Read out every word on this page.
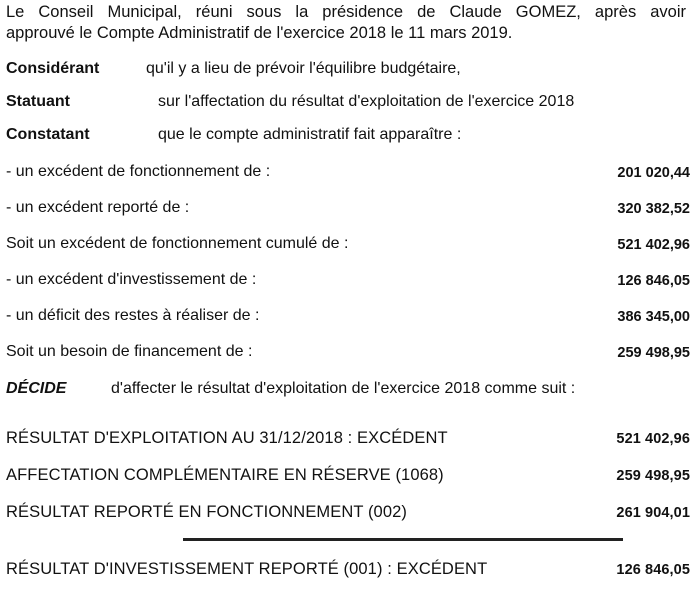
Le Conseil Municipal, réuni sous la présidence de Claude GOMEZ, après avoir
approuvé le Compte Administratif de l'exercice 2018 le 11 mars 2019.
Considérant	qu'il y a lieu de prévoir l'équilibre budgétaire,
Statuant	sur l'affectation du résultat d'exploitation de l'exercice 2018
Constatant	que le compte administratif fait apparaître :
- un excédent de fonctionnement de :	201 020,44
- un excédent reporté de :	320 382,52
Soit un excédent de fonctionnement cumulé de :	521 402,96
- un excédent d'investissement de :	126 846,05
- un déficit des restes à réaliser de :	386 345,00
Soit un besoin de financement de :	259 498,95
DÉCIDE	d'affecter le résultat d'exploitation de l'exercice 2018 comme suit :
RÉSULTAT D'EXPLOITATION AU 31/12/2018 : EXCÉDENT	521 402,96
AFFECTATION COMPLÉMENTAIRE EN RÉSERVE (1068)	259 498,95
RÉSULTAT REPORTÉ EN FONCTIONNEMENT (002)	261 904,01
RÉSULTAT D'INVESTISSEMENT REPORTÉ (001) : EXCÉDENT	126 846,05
